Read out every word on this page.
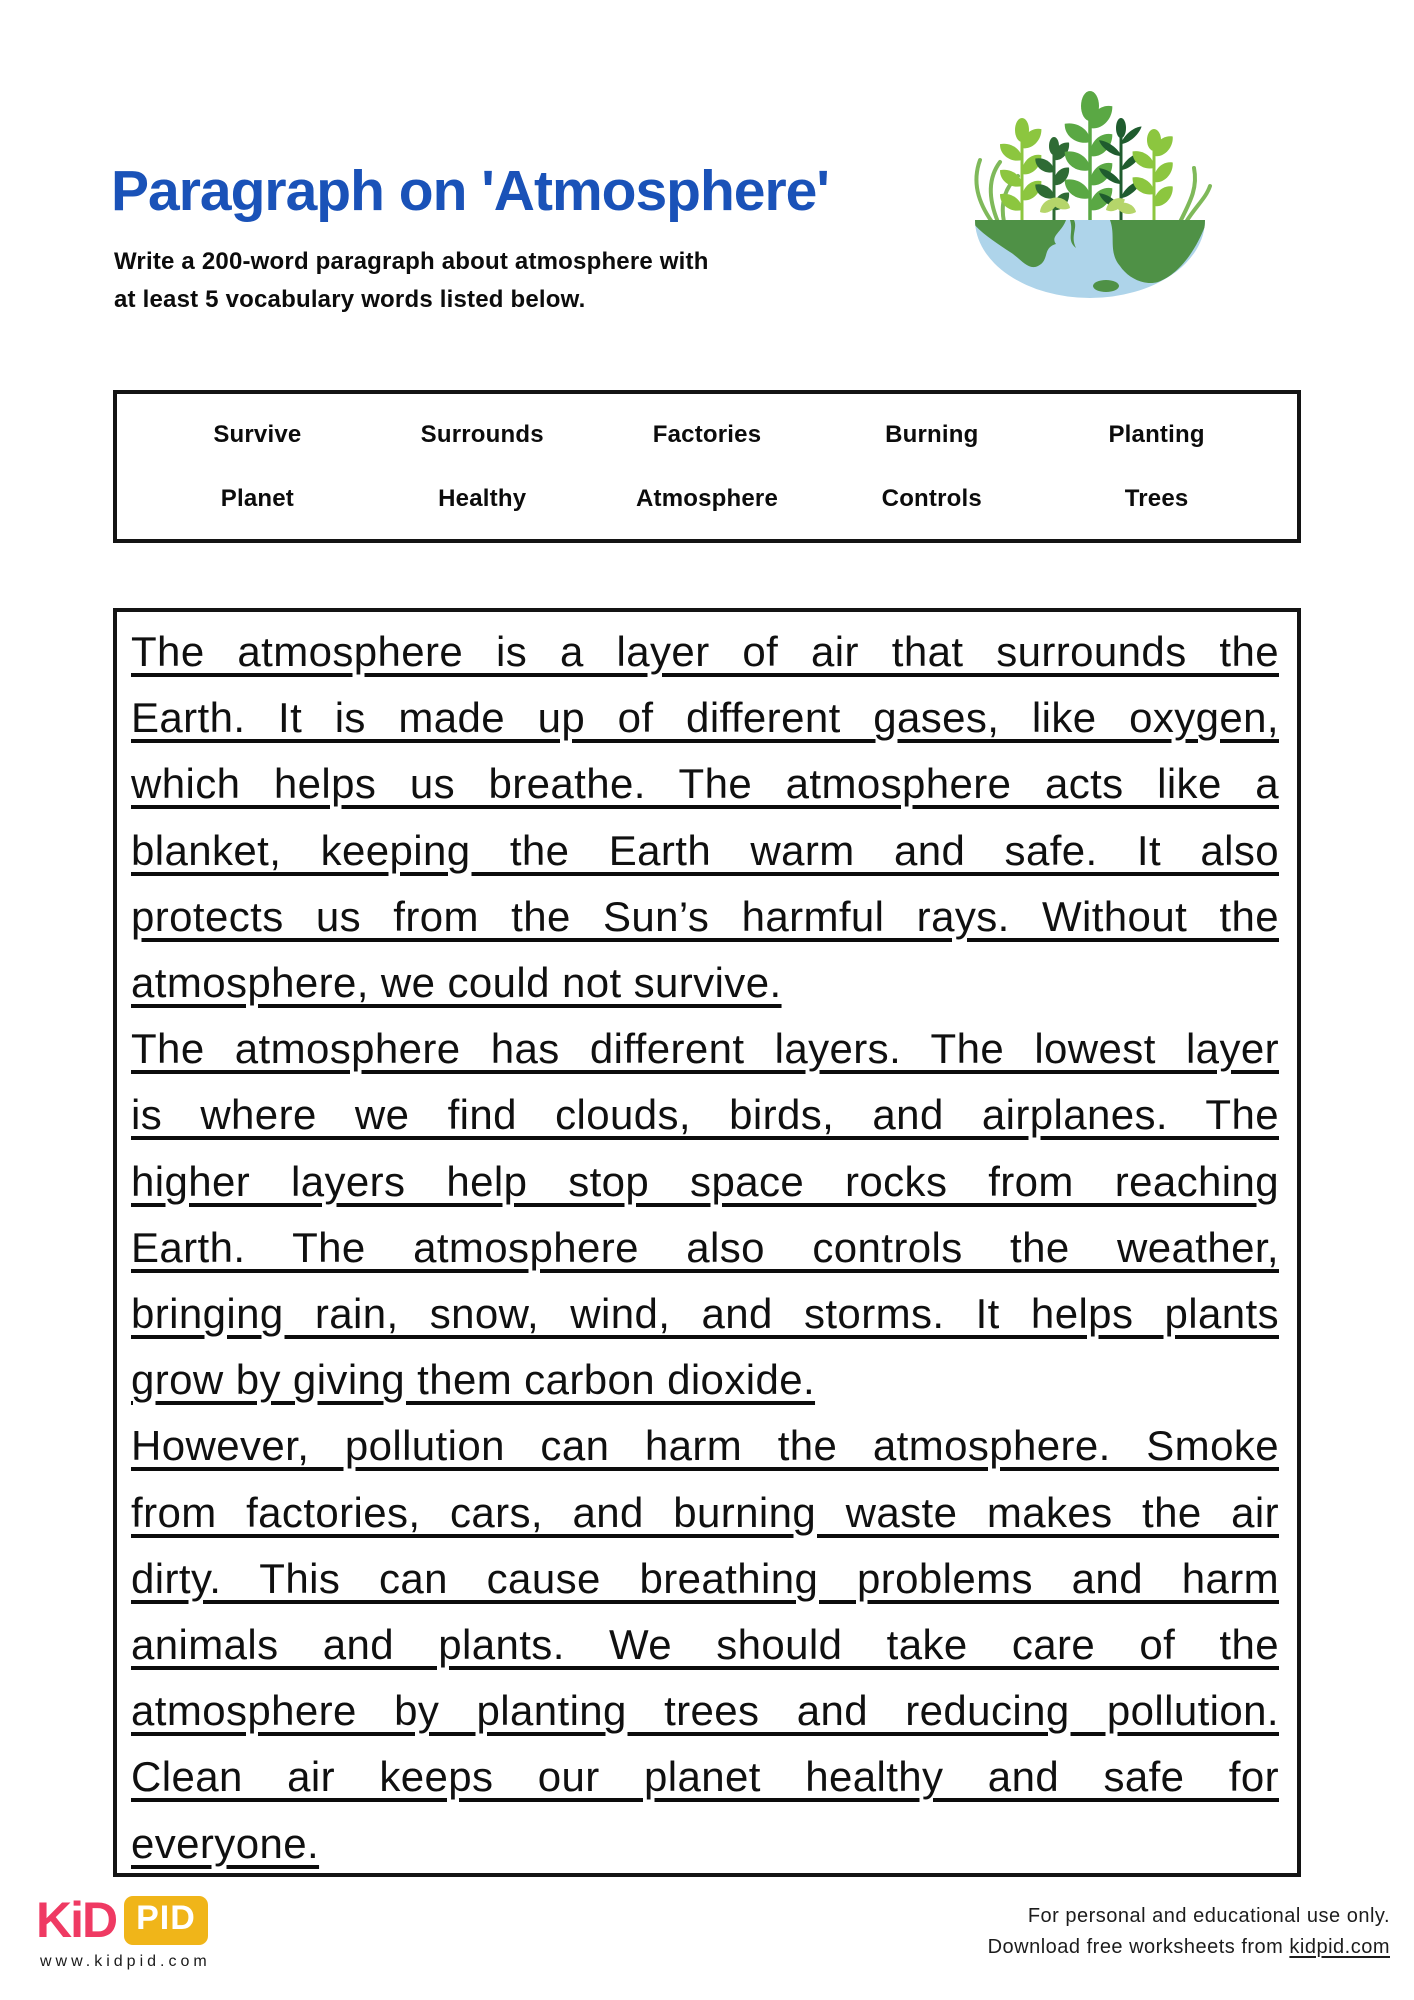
Paragraph on 'Atmosphere'
Write a 200-word paragraph about atmosphere with
at least 5 vocabulary words listed below.
Survive	Surrounds	Factories	Burning	Planting
Planet	Healthy	Atmosphere	Controls	Trees
The atmosphere is a layer of air that surrounds the
Earth. It is made up of different gases, like oxygen,
which helps us breathe. The atmosphere acts like a
blanket, keeping the Earth warm and safe. It also
protects us from the Sun’s harmful rays. Without the
atmosphere, we could not survive.
The atmosphere has different layers. The lowest layer
is where we find clouds, birds, and airplanes. The
higher layers help stop space rocks from reaching
Earth. The atmosphere also controls the weather,
bringing rain, snow, wind, and storms. It helps plants
grow by giving them carbon dioxide.
However, pollution can harm the atmosphere. Smoke
from factories, cars, and burning waste makes the air
dirty. This can cause breathing problems and harm
animals and plants. We should take care of the
atmosphere by planting trees and reducing pollution.
Clean air keeps our planet healthy and safe for
everyone.
KiD PID
www.kidpid.com
For personal and educational use only.
Download free worksheets from kidpid.com
